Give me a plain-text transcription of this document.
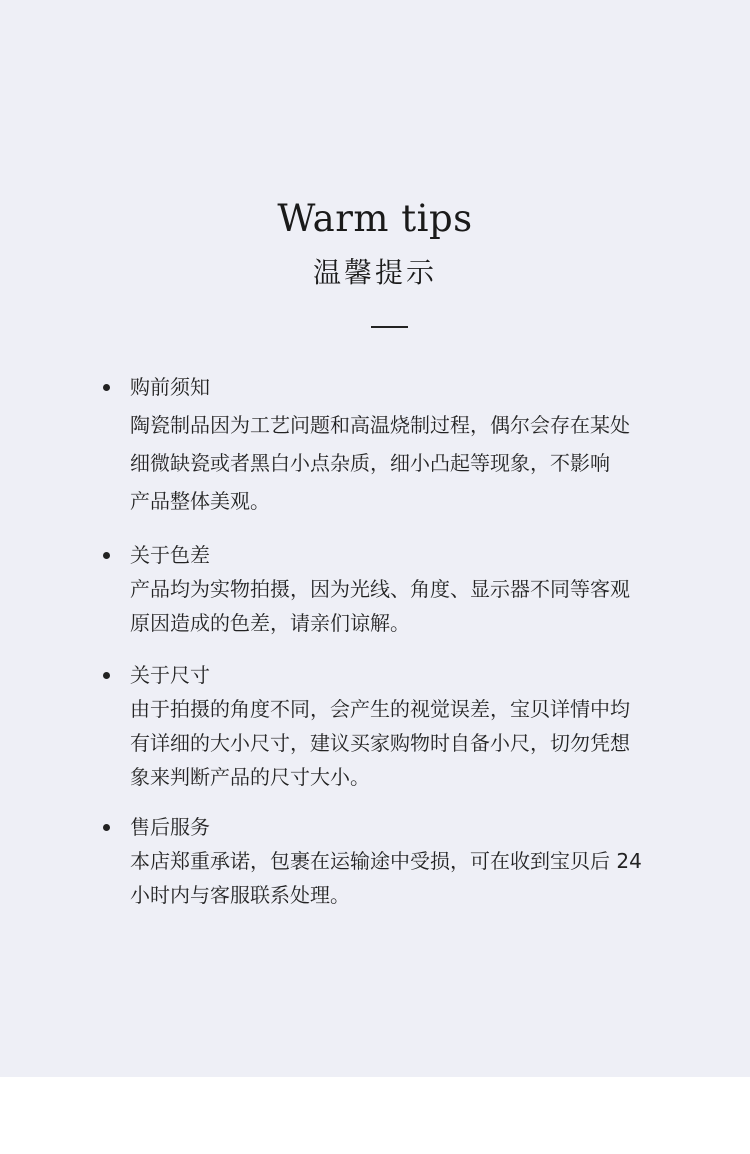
Warm tips
温馨提示
购前须知
陶瓷制品因为工艺问题和高温烧制过程，偶尔会存在某处
细微缺瓷或者黑白小点杂质，细小凸起等现象，不影响
产品整体美观。
关于色差
产品均为实物拍摄，因为光线、角度、显示器不同等客观
原因造成的色差，请亲们谅解。
关于尺寸
由于拍摄的角度不同，会产生的视觉误差，宝贝详情中均
有详细的大小尺寸，建议买家购物时自备小尺，切勿凭想
象来判断产品的尺寸大小。
售后服务
本店郑重承诺，包裹在运输途中受损，可在收到宝贝后 24
小时内与客服联系处理。
